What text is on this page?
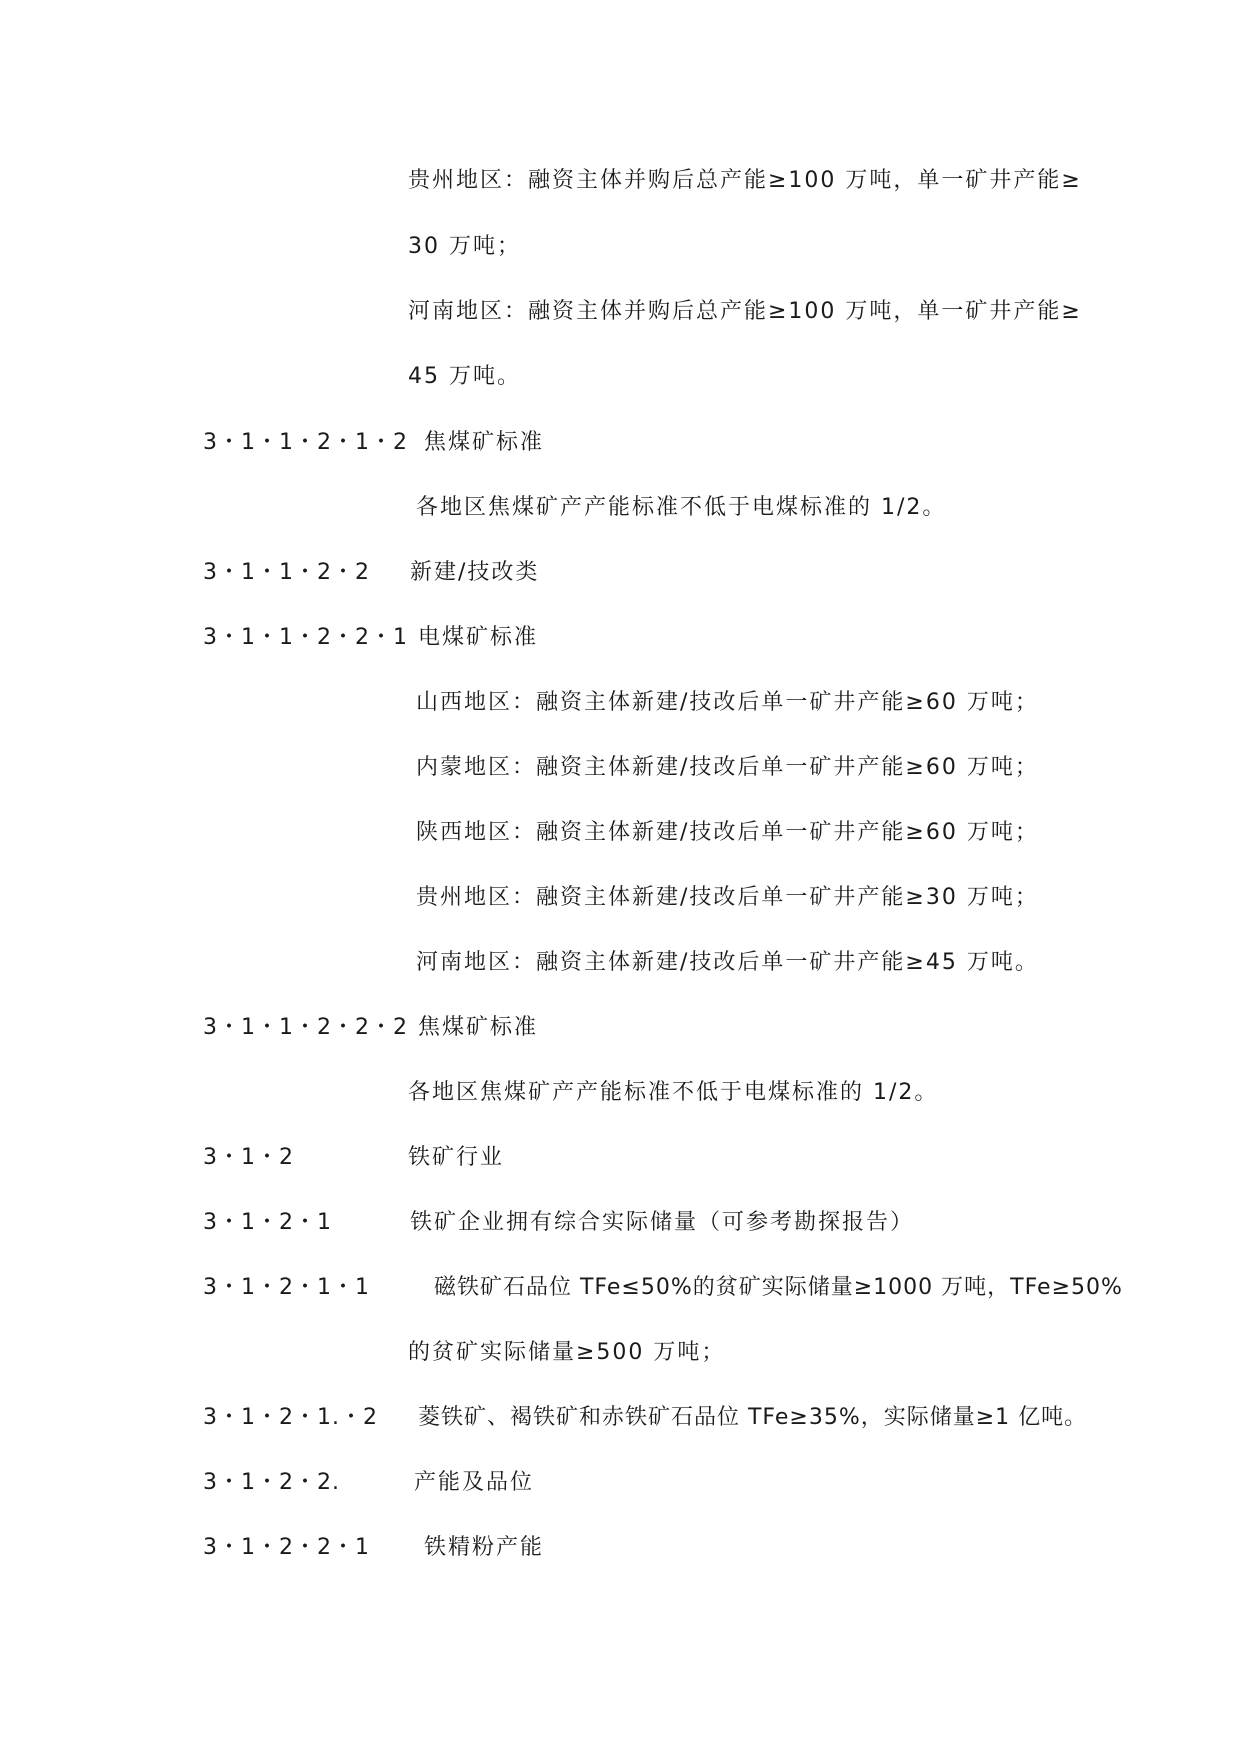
贵州地区：融资主体并购后总产能≥100 万吨，单一矿井产能≥
30 万吨；
河南地区：融资主体并购后总产能≥100 万吨，单一矿井产能≥
45 万吨。
3・1・1・2・1・2 焦煤矿标准
各地区焦煤矿产产能标准不低于电煤标准的 1/2。
3・1・1・2・2 新建/技改类
3・1・1・2・2・1 电煤矿标准
山西地区：融资主体新建/技改后单一矿井产能≥60 万吨；
内蒙地区：融资主体新建/技改后单一矿井产能≥60 万吨；
陕西地区：融资主体新建/技改后单一矿井产能≥60 万吨；
贵州地区：融资主体新建/技改后单一矿井产能≥30 万吨；
河南地区：融资主体新建/技改后单一矿井产能≥45 万吨。
3・1・1・2・2・2 焦煤矿标准
各地区焦煤矿产产能标准不低于电煤标准的 1/2。
3・1・2	铁矿行业
3・1・2・1	铁矿企业拥有综合实际储量（可参考勘探报告）
3・1・2・1・1	磁铁矿石品位 TFe≤50%的贫矿实际储量≥1000 万吨，TFe≥50%
的贫矿实际储量≥500 万吨；
3・1・2・1.・2 菱铁矿、褐铁矿和赤铁矿石品位 TFe≥35%，实际储量≥1 亿吨。
3・1・2・2.	产能及品位
3・1・2・2・1 铁精粉产能
